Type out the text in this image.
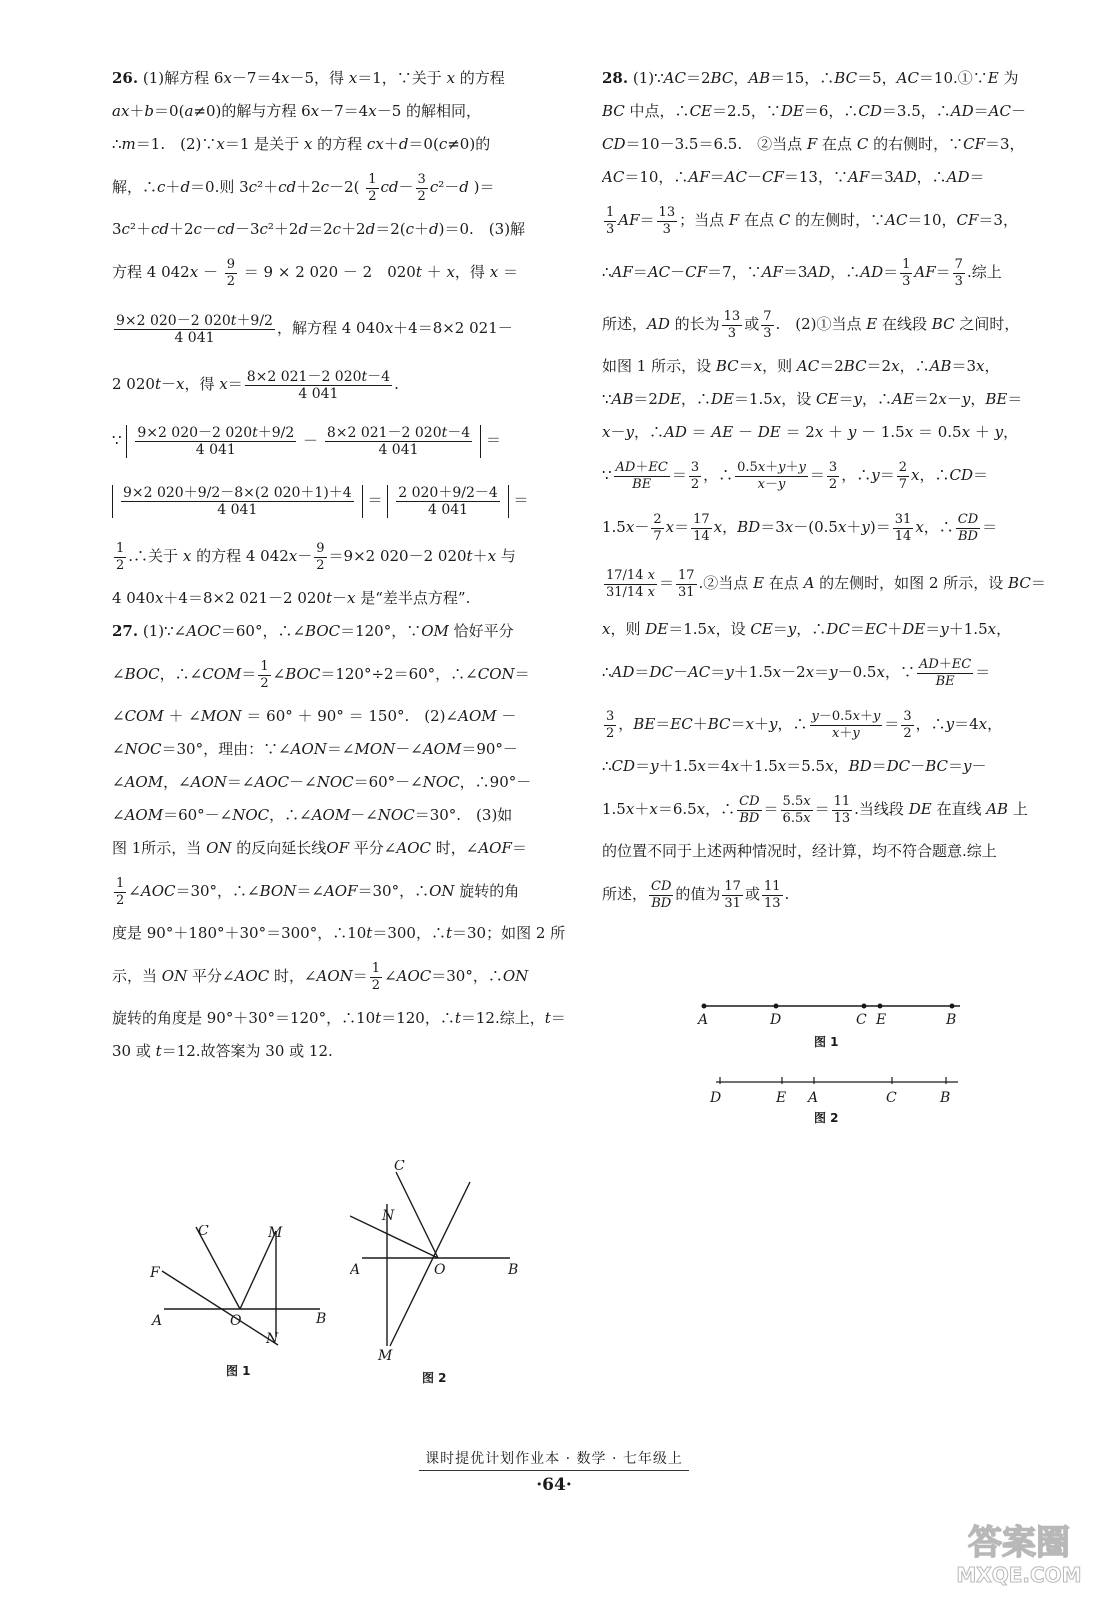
26. (1)解方程 6x－7＝4x－5，得 x＝1，∵关于 x 的方程
ax＋b＝0(a≠0)的解与方程 6x－7＝4x－5 的解相同，
∴m＝1.　(2)∵x＝1 是关于 x 的方程 cx＋d＝0(c≠0)的
解，∴c＋d＝0.则 $3c^2+cd+2c-2( \frac{1}{2} cd- \frac{3}{2} c^2-d$ )＝
3c²＋cd＋2c－cd－3c²＋2d＝2c＋2d＝2(c＋d)＝0.　(3)解
方程 4 $042x - \frac{9}{2} = 9 \times 2$ 020 － 2　020t ＋ x，得 x ＝
$\frac{9\times 2 020-2 020t+9/2}{4 041}$ ，解方程 4 040x＋4＝8×2 021－
2 020t－x，得 $x= \frac{8\times 2 021-2 020t-4}{4 041}$ .
∵ $\frac{9\times 2 020-2 020t+9/2}{4 041} - \frac{8\times 2 021-2 020t-4}{4 041}$ ＝
$\frac{9\times 2 020+9/2-8\times(2 020+1)+4}{4 041} = \frac{2 020+9/2-4}{4 041}$ ＝
$\frac{1}{2}$ .∴关于 x 的方程 4 $042x- \frac{9}{2} =9\times 2$ 020－2 020t＋x 与
4 040x＋4＝8×2 021－2 020t－x 是“差半点方程”.
27. (1)∵∠AOC＝60°，∴∠BOC＝120°，∵OM 恰好平分
∠BOC，∴∠COM＝ $\frac{1}{2}$ ∠BOC＝120°÷2＝60°，∴∠CON＝
∠COM ＋ ∠MON ＝ 60° ＋ 90° ＝ 150°.　(2)∠AOM －
∠NOC＝30°，理由：∵∠AON＝∠MON－∠AOM＝90°－
∠AOM，∠AON＝∠AOC－∠NOC＝60°－∠NOC，∴90°－
∠AOM＝60°－∠NOC，∴∠AOM－∠NOC＝30°.　(3)如
图 1所示，当 ON 的反向延长线OF 平分∠AOC 时，∠AOF＝
$\frac{1}{2}$ ∠AOC＝30°，∴∠BON＝∠AOF＝30°，∴ON 旋转的角
度是 90°＋180°＋30°＝300°，∴10t＝300，∴t＝30；如图 2 所
示，当 ON 平分∠AOC 时，∠AON＝ $\frac{1}{2}$ ∠AOC＝30°，∴ON
旋转的角度是 90°＋30°＝120°，∴10t＝120，∴t＝12.综上，t＝
30 或 t＝12.故答案为 30 或 12.
28. (1)∵AC＝2BC，AB＝15，∴BC＝5，AC＝10.①∵E 为
BC 中点，∴CE＝2.5，∵DE＝6，∴CD＝3.5，∴AD＝AC－
CD＝10－3.5＝6.5.　②当点 F 在点 C 的右侧时，∵CF＝3，
AC＝10，∴AF＝AC－CF＝13，∵AF＝3AD，∴AD＝
$\frac{1}{3} AF= \frac{13}{3}$ ；当点 F 在点 C 的左侧时，∵AC＝10，CF＝3，
∴AF＝AC－CF＝7，∵AF＝3AD，∴AD＝ $\frac{1}{3} AF= \frac{7}{3}$ .综上
所述，AD 的长为 $\frac{13}{3}$ 或 $\frac{7}{3}$ .　(2)①当点 E 在线段 BC 之间时，
如图 1 所示，设 BC＝x，则 AC＝2BC＝2x，∴AB＝3x，
∵AB＝2DE，∴DE＝1.5x，设 CE＝y，∴AE＝2x－y，BE＝
x－y，∴AD ＝ AE － DE ＝ 2x ＋ y － 1.5x ＝ 0.5x ＋ y，
∵ $\frac{AD+EC}{BE} = \frac{3}{2}$ ，∴ $\frac{0.5x+y+y}{x-y} = \frac{3}{2}$ ，∴y＝ $\frac{2}{7}$ x，∴CD＝
$1.5x- \frac{2}{7} x= \frac{17}{14}$ x，$BD=3x-(0.5x+y)= \frac{31}{14}$ x，∴ $\frac{CD}{BD}$ ＝
$\frac{17/14 x}{31/14 x} = \frac{17}{31}$ .②当点 E 在点 A 的左侧时，如图 2 所示，设 BC＝
x，则 DE＝1.5x，设 CE＝y，∴DC＝EC＋DE＝y＋1.5x，
∴AD＝DC－AC＝y＋1.5x－2x＝y－0.5x，∵ $\frac{AD+EC}{BE}$ ＝
$\frac{3}{2}$ ，BE＝EC＋BC＝x＋y，∴ $\frac{y-0.5x+y}{x+y} = \frac{3}{2}$ ，∴y＝4x，
∴CD＝y＋1.5x＝4x＋1.5x＝5.5x，BD＝DC－BC＝y－
1.5x＋x＝6.5x，∴ $\frac{CD}{BD} = \frac{5.5x}{6.5x} = \frac{11}{13}$ .当线段 DE 在直线 AB 上
的位置不同于上述两种情况时，经计算，均不符合题意.综上
所述， $\frac{CD}{BD}$ 的值为 $\frac{17}{31}$ 或 $\frac{11}{13}$ .
C	M
F
A	O	B
N
图 1
C
N
A	O	B
M
图 2
A	D	C E	B
图 1
D	E A	C	B
图 2
课时提优计划作业本 · 数学 · 七年级上
·64·
答案圈
MXQE.COM
